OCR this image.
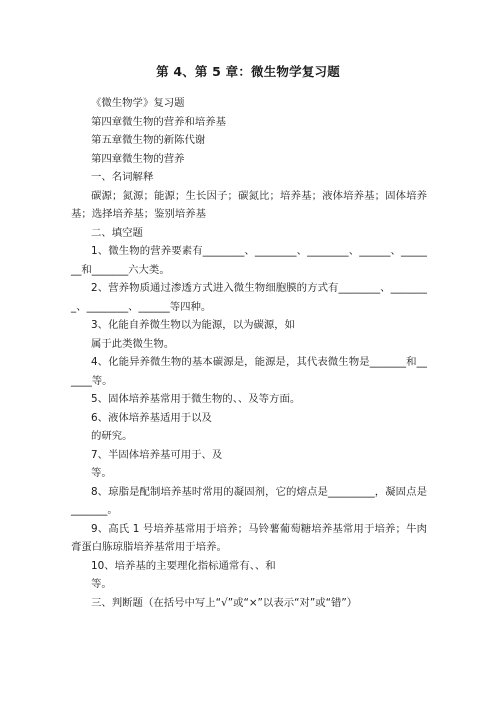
第 4、第 5 章：微生物学复习题

《微生物学》复习题

第四章微生物的营养和培养基

第五章微生物的新陈代谢

第四章微生物的营养

一、名词解释

碳源；氮源；能源；生长因子；碳氮比；培养基；液体培养基；固体培养基；选择培养基；鉴别培养基

二、填空题

1、微生物的营养要素有________、________、________、______、_______和_______六大类。

2、营养物质通过渗透方式进入微生物细胞膜的方式有________、________、________、______等四种。

3、化能自养微生物以为能源，以为碳源，如

属于此类微生物。

4、化能异养微生物的基本碳源是，能源是，其代表微生物是_______和______等。

5、固体培养基常用于微生物的、、及等方面。

6、液体培养基适用于以及

的研究。

7、半固体培养基可用于、及

等。

8、琼脂是配制培养基时常用的凝固剂，它的熔点是_________，凝固点是_______。

9、高氏 1 号培养基常用于培养；马铃薯葡萄糖培养基常用于培养；牛肉膏蛋白胨琼脂培养基常用于培养。

10、培养基的主要理化指标通常有、、和

等。

三、判断题（在括号中写上“√”或“×”以表示“对”或“错”）
